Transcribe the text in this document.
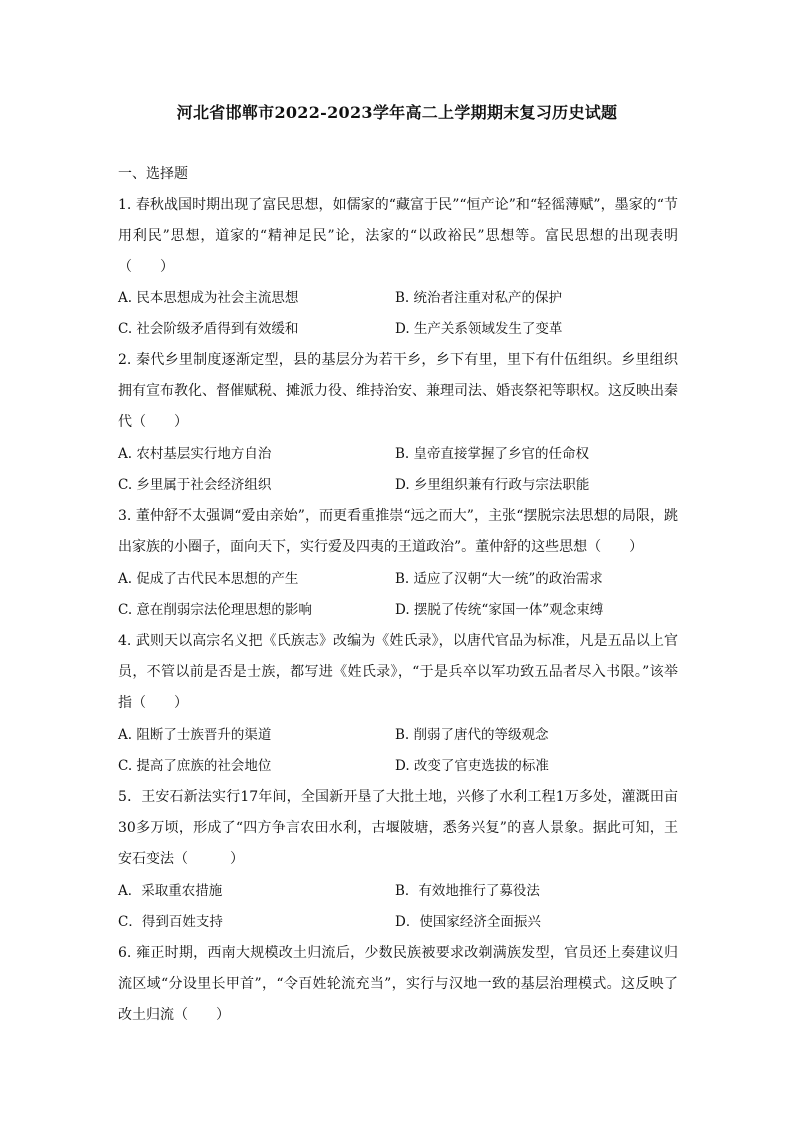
河北省邯郸市2022-2023学年高二上学期期末复习历史试题
一、选择题
1. 春秋战国时期出现了富民思想，如儒家的“藏富于民”“恒产论”和“轻徭薄赋”，墨家的“节用利民”思想，道家的“精神足民”论，法家的“以政裕民”思想等。富民思想的出现表明（　　）
A. 民本思想成为社会主流思想	B. 统治者注重对私产的保护
C. 社会阶级矛盾得到有效缓和	D. 生产关系领域发生了变革
2. 秦代乡里制度逐渐定型，县的基层分为若干乡，乡下有里，里下有什伍组织。乡里组织拥有宣布教化、督催赋税、摊派力役、维持治安、兼理司法、婚丧祭祀等职权。这反映出秦代（　　）
A. 农村基层实行地方自治	B. 皇帝直接掌握了乡官的任命权
C. 乡里属于社会经济组织	D. 乡里组织兼有行政与宗法职能
3. 董仲舒不太强调“爱由亲始”，而更看重推崇“远之而大”，主张“摆脱宗法思想的局限，跳出家族的小圈子，面向天下，实行爱及四夷的王道政治”。董仲舒的这些思想（　　）
A. 促成了古代民本思想的产生	B. 适应了汉朝“大一统”的政治需求
C. 意在削弱宗法伦理思想的影响	D. 摆脱了传统“家国一体”观念束缚
4. 武则天以高宗名义把《氏族志》改编为《姓氏录》，以唐代官品为标准，凡是五品以上官员，不管以前是否是士族，都写进《姓氏录》，“于是兵卒以军功致五品者尽入书限。”该举指（　　）
A. 阻断了士族晋升的渠道	B. 削弱了唐代的等级观念
C. 提高了庶族的社会地位	D. 改变了官吏选拔的标准
5．王安石新法实行17年间，全国新开垦了大批土地，兴修了水利工程1万多处，灌溉田亩30多万顷，形成了“四方争言农田水利，古堰陂塘，悉务兴复”的喜人景象。据此可知，王安石变法（　　　）
A．采取重农措施	B．有效地推行了募役法
C．得到百姓支持	D．使国家经济全面振兴
6. 雍正时期，西南大规模改土归流后，少数民族被要求改剃满族发型，官员还上奏建议归流区域“分设里长甲首”，“令百姓轮流充当”，实行与汉地一致的基层治理模式。这反映了改土归流（　　）
